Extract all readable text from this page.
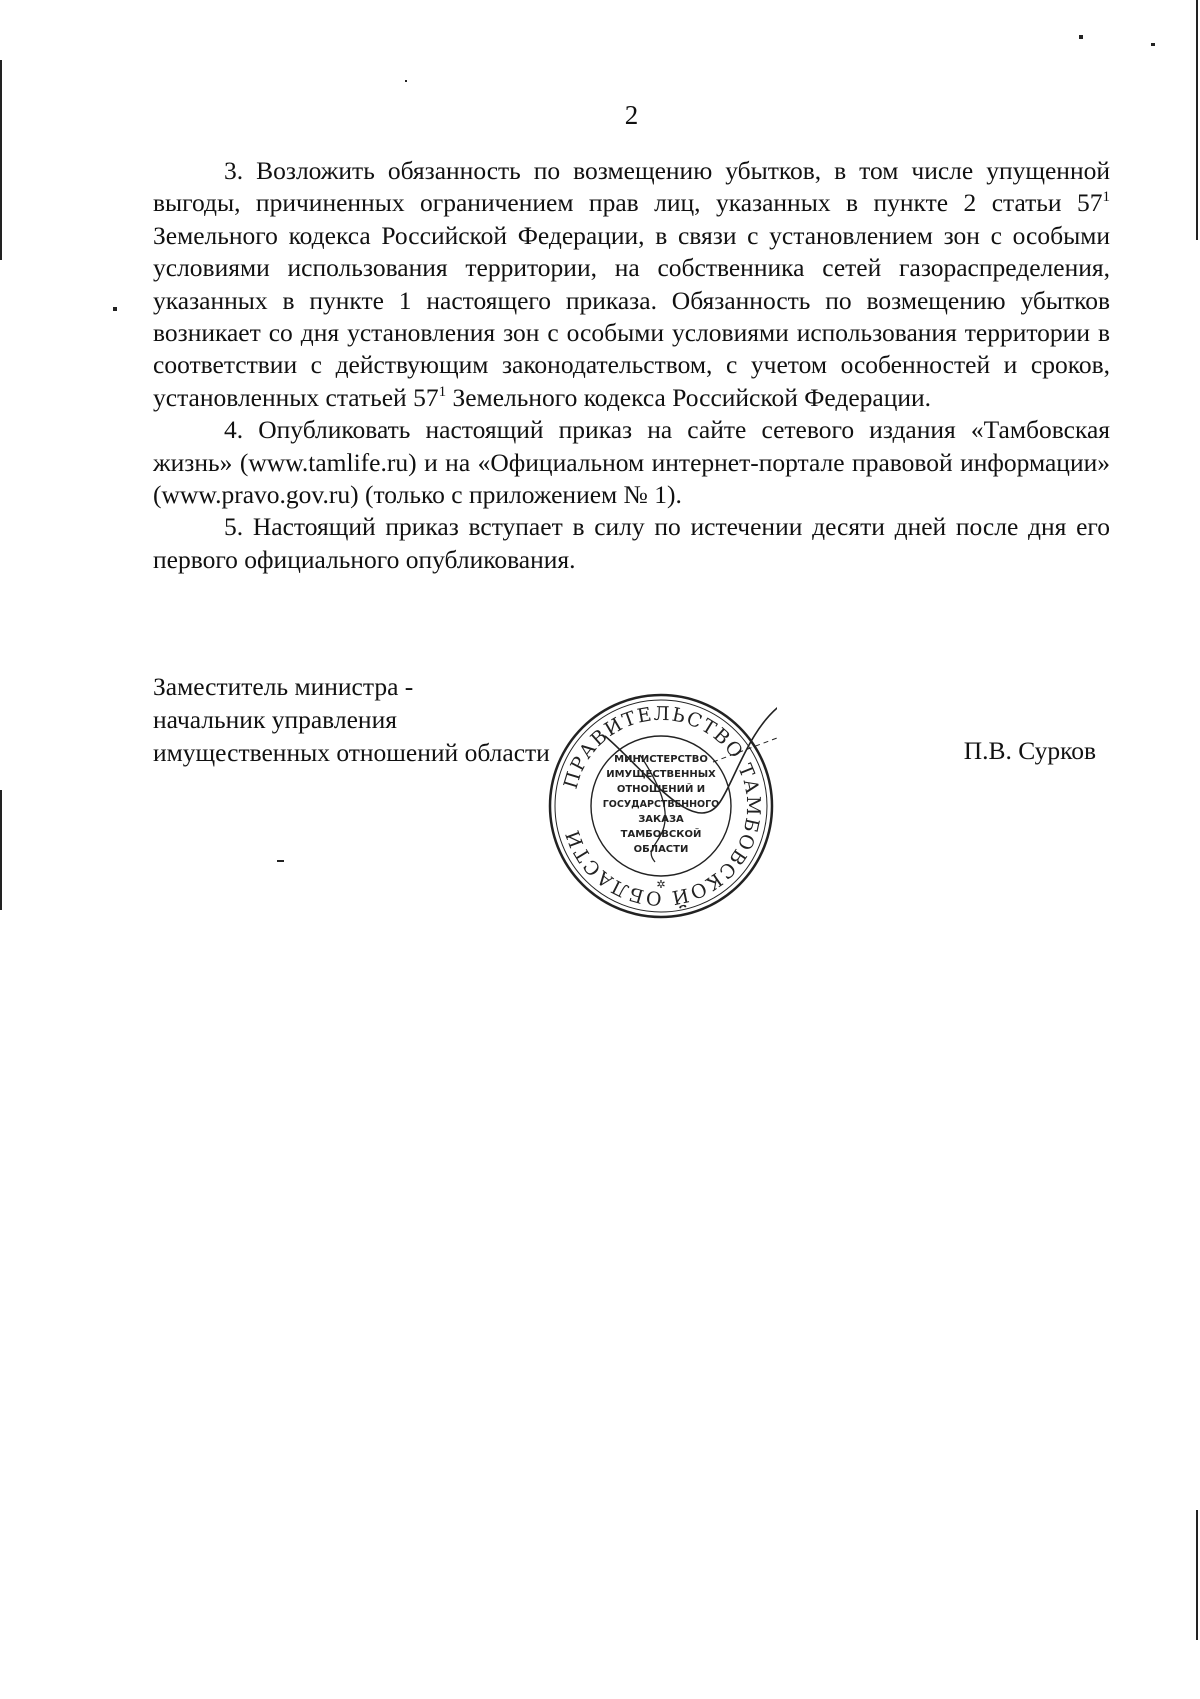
2

3. Возложить обязанность по возмещению убытков, в том числе упущенной выгоды, причиненных ограничением прав лиц, указанных в пункте 2 статьи $57^1$ Земельного кодекса Российской Федерации, в связи с установлением зон с особыми условиями использования территории, на собственника сетей газораспределения, указанных в пункте 1 настоящего приказа. Обязанность по возмещению убытков возникает со дня установления зон с особыми условиями использования территории в соответствии с действующим законодательством, с учетом особенностей и сроков, установленных статьей $57^1$ Земельного кодекса Российской Федерации.

4. Опубликовать настоящий приказ на сайте сетевого издания «Тамбовская жизнь» (www.tamlife.ru) и на «Официальном интернет-портале правовой информации» (www.pravo.gov.ru) (только с приложением № 1).

5. Настоящий приказ вступает в силу по истечении десяти дней после дня его первого официального опубликования.

Заместитель министра -
начальник управления
имущественных отношений области	П.В. Сурков
ПРАВИТЕЛЬСТВО ТАМБОВСКОЙ ОБЛАСТИ
МИНИСТЕРСТВО
ИМУЩЕСТВЕННЫХ
ОТНОШЕНИЙ И
ГОСУДАРСТВЕННОГО
ЗАКАЗА
ТАМБОВСКОЙ
ОБЛАСТИ
✲
